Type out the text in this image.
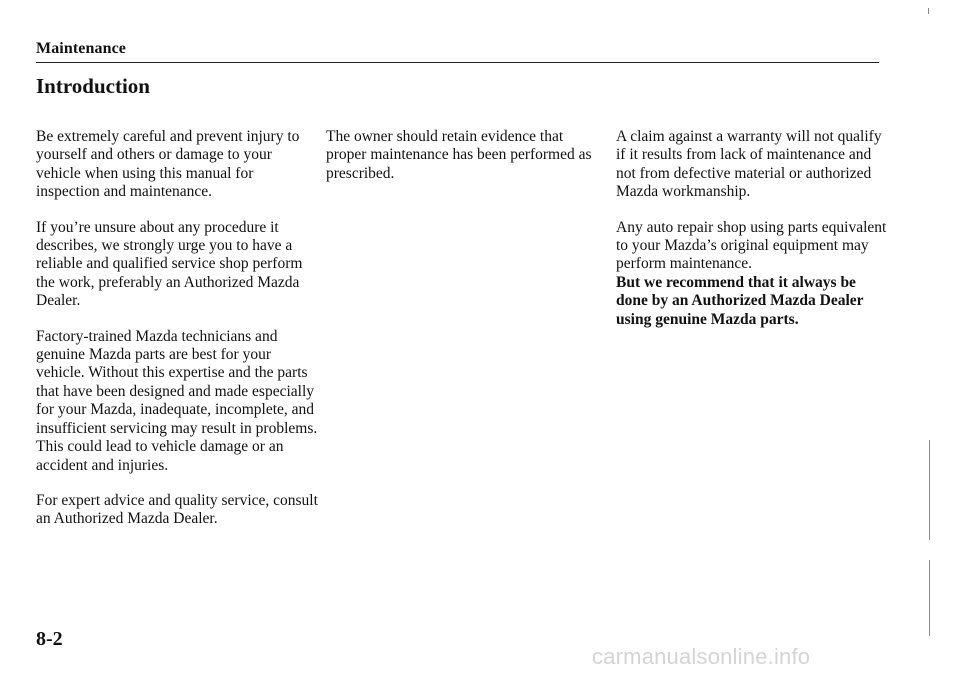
Maintenance
Introduction

Be extremely careful and prevent injury to yourself and others or damage to your vehicle when using this manual for inspection and maintenance.

If you’re unsure about any procedure it describes, we strongly urge you to have a reliable and qualified service shop perform the work, preferably an Authorized Mazda Dealer.

Factory-trained Mazda technicians and genuine Mazda parts are best for your vehicle. Without this expertise and the parts that have been designed and made especially for your Mazda, inadequate, incomplete, and insufficient servicing may result in problems. This could lead to vehicle damage or an accident and injuries.

For expert advice and quality service, consult an Authorized Mazda Dealer.

The owner should retain evidence that proper maintenance has been performed as prescribed.

A claim against a warranty will not qualify if it results from lack of maintenance and not from defective material or authorized Mazda workmanship.

Any auto repair shop using parts equivalent to your Mazda’s original equipment may perform maintenance.

But we recommend that it always be done by an Authorized Mazda Dealer using genuine Mazda parts.

8-2
carmanualsonline.info
